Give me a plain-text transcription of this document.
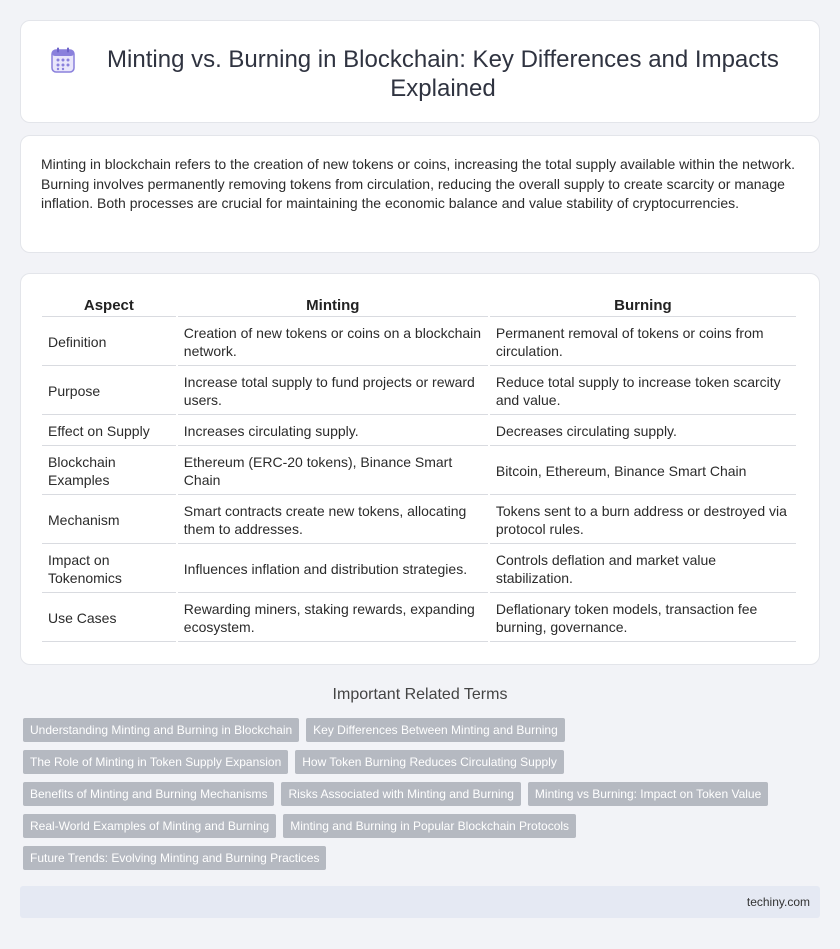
Minting vs. Burning in Blockchain: Key Differences and Impacts Explained

Minting in blockchain refers to the creation of new tokens or coins, increasing the total supply available within the network. Burning involves permanently removing tokens from circulation, reducing the overall supply to create scarcity or manage inflation. Both processes are crucial for maintaining the economic balance and value stability of cryptocurrencies.

Aspect	Minting	Burning
Definition	Creation of new tokens or coins on a blockchain network.	Permanent removal of tokens or coins from circulation.
Purpose	Increase total supply to fund projects or reward users.	Reduce total supply to increase token scarcity and value.
Effect on Supply	Increases circulating supply.	Decreases circulating supply.
Blockchain Examples	Ethereum (ERC-20 tokens), Binance Smart Chain	Bitcoin, Ethereum, Binance Smart Chain
Mechanism	Smart contracts create new tokens, allocating them to addresses.	Tokens sent to a burn address or destroyed via protocol rules.
Impact on Tokenomics	Influences inflation and distribution strategies.	Controls deflation and market value stabilization.
Use Cases	Rewarding miners, staking rewards, expanding ecosystem.	Deflationary token models, transaction fee burning, governance.
Important Related Terms
Understanding Minting and Burning in Blockchain	Key Differences Between Minting and Burning
The Role of Minting in Token Supply Expansion	How Token Burning Reduces Circulating Supply
Benefits of Minting and Burning Mechanisms	Risks Associated with Minting and Burning	Minting vs Burning: Impact on Token Value
Real-World Examples of Minting and Burning	Minting and Burning in Popular Blockchain Protocols
Future Trends: Evolving Minting and Burning Practices
techiny.com
